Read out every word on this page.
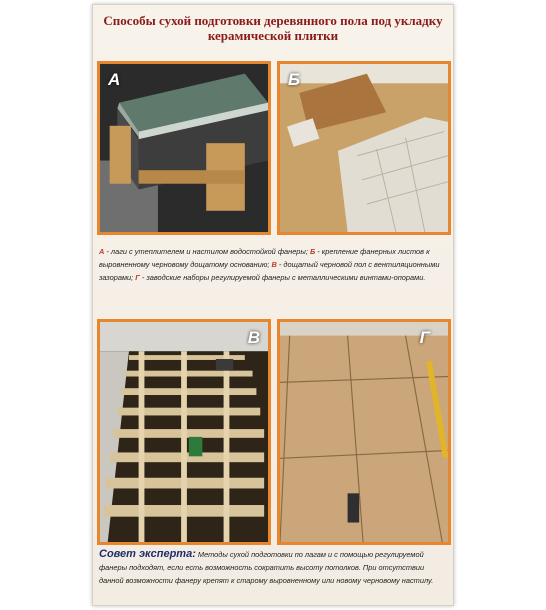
Способы сухой подготовки деревянного пола под укладку керамической плитки
А	Б
А - лаги с утеплителем и настилом водостойкой фанеры; Б - крепление фанерных листов к выровненному черновому дощатому основанию; В - дощатый черновой пол с вентиляционными зазорами; Г - заводские наборы регулируемой фанеры с металлическими винтами-опорами.
В	Г
Совет эксперта: Методы сухой подготовки по лагам и с помощью регулируемой фанеры подходят, если есть возможность сократить высоту потолков. При отсутствии данной возможности фанеру крепят к старому выровненному или новому черновому настилу.
